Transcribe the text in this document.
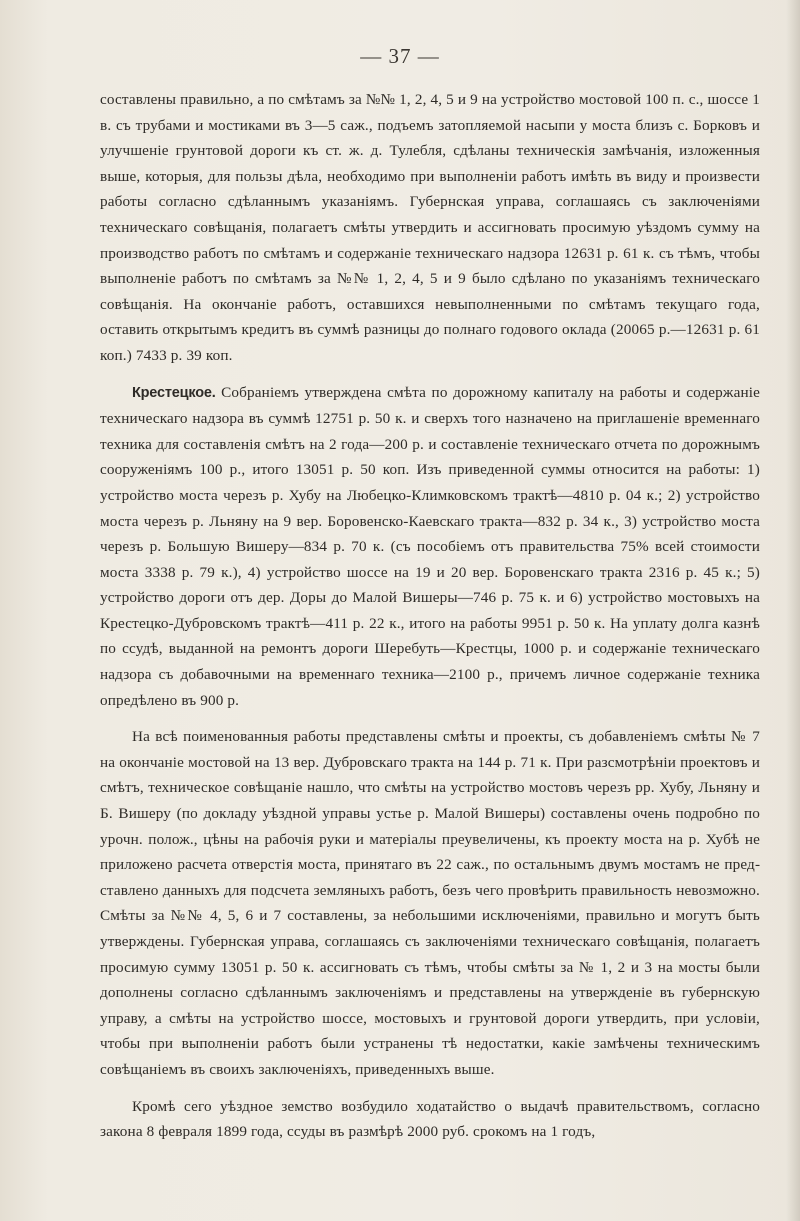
— 37 —

составлены правильно, а по смѣтамъ за №№ 1, 2, 4, 5 и 9 на устройство мостовой 100 п. с., шоссе 1 в. съ трубами и мостиками въ 3—5 саж., подъемъ затопляемой насыпи у моста близъ с. Борковъ и улучшеніе грунтовой дороги къ ст. ж. д. Тулебля, сдѣланы техническія замѣчанія, изложенныя выше, которыя, для пользы дѣла, необходимо при выполненіи работъ имѣть въ виду и произвести работы согласно сдѣланнымъ указаніямъ. Губернская управа, соглашаясь съ заключеніями техническаго совѣщанія, полагаетъ смѣты утвердить и ассигновать просимую уѣздомъ сумму на производство работъ по смѣтамъ и содержаніе техническаго надзора 12631 р. 61 к. съ тѣмъ, чтобы выполненіе работъ по смѣтамъ за №№ 1, 2, 4, 5 и 9 было сдѣлано по указаніямъ техническаго совѣщанія. На окончаніе работъ, оставшихся невыполненными по смѣтамъ текущаго года, оставить открытымъ кредитъ въ суммѣ разницы до полнаго годового оклада (20065 р.—12631 р. 61 коп.) 7433 р. 39 коп.

Крестецкое. Собраніемъ утверждена смѣта по дорожному капиталу на работы и содержаніе техническаго надзора въ суммѣ 12751 р. 50 к. и сверхъ того назначено на приглашеніе временнаго техника для составленія смѣтъ на 2 года—200 р. и составленіе техническаго отчета по дорожнымъ сооруженіямъ 100 р., итого 13051 р. 50 коп. Изъ приведенной суммы относится на работы: 1) устройство моста черезъ р. Хубу на Любецко-Климковскомъ трактѣ—4810 р. 04 к.; 2) устройство моста черезъ р. Льняну на 9 вер. Боровенско-Каевскаго тракта—832 р. 34 к., 3) устройство моста черезъ р. Большую Вишеру—834 р. 70 к. (съ пособіемъ отъ правительства 75% всей стоимости моста 3338 р. 79 к.), 4) устройство шоссе на 19 и 20 вер. Боровенскаго тракта 2316 р. 45 к.; 5) устройство дороги отъ дер. Доры до Малой Вишеры—746 р. 75 к. и 6) устройство мостовыхъ на Крестецко-Дубровскомъ трактѣ—411 р. 22 к., итого на работы 9951 р. 50 к. На уплату долга казнѣ по ссудѣ, выданной на ремонтъ дороги Шеребуть—Крестцы, 1000 р. и содержаніе техническаго надзора съ добавочными на временнаго техника—2100 р., причемъ личное содержаніе техника опредѣлено въ 900 р.

На всѣ поименованныя работы представлены смѣты и проекты, съ добавленіемъ смѣты № 7 на окончаніе мостовой на 13 вер. Дубровскаго тракта на 144 р. 71 к. При разсмотрѣніи проектовъ и смѣтъ, техническое совѣщаніе нашло, что смѣты на устройство мостовъ черезъ рр. Хубу, Льняну и Б. Вишеру (по докладу уѣздной управы устье р. Малой Вишеры) составлены очень подробно по урочн. полож., цѣны на рабочія руки и матеріалы преувеличены, къ проекту моста на р. Хубѣ не приложено расчета отверстія моста, принятаго въ 22 саж., по остальнымъ двумъ мостамъ не представлено данныхъ для подсчета земляныхъ работъ, безъ чего провѣрить правильность невозможно. Смѣты за №№ 4, 5, 6 и 7 составлены, за небольшими исключеніями, правильно и могутъ быть утверждены. Губернская управа, соглашаясь съ заключеніями техническаго совѣщанія, полагаетъ просимую сумму 13051 р. 50 к. ассигновать съ тѣмъ, чтобы смѣты за № 1, 2 и 3 на мосты были дополнены согласно сдѣланнымъ заключеніямъ и представлены на утвержденіе въ губернскую управу, а смѣты на устройство шоссе, мостовыхъ и грунтовой дороги утвердить, при условіи, чтобы при выполненіи работъ были устранены тѣ недостатки, какіе замѣчены техническимъ совѣщаніемъ въ своихъ заключеніяхъ, приведенныхъ выше.

Кромѣ сего уѣздное земство возбудило ходатайство о выдачѣ правительствомъ, согласно закона 8 февраля 1899 года, ссуды въ размѣрѣ 2000 руб. срокомъ на 1 годъ,
